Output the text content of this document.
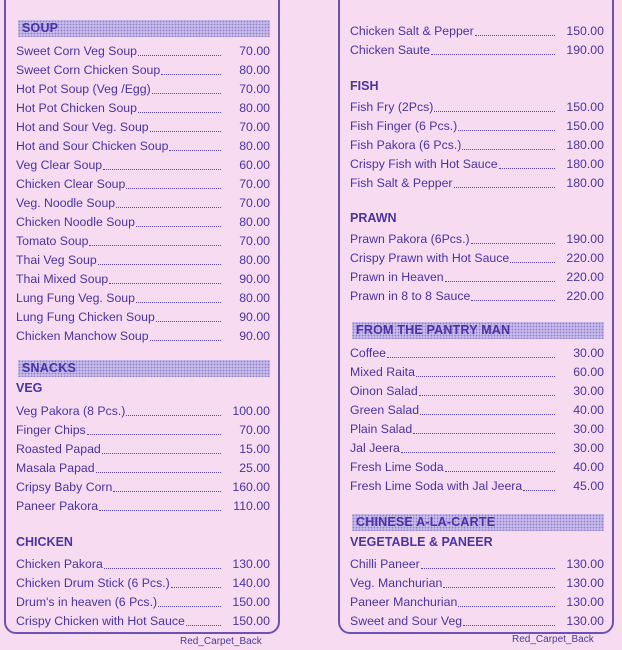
SOUP
Sweet Corn Veg Soup	70.00
Sweet Corn Chicken Soup	80.00
Hot Pot Soup (Veg /Egg)	70.00
Hot Pot Chicken Soup	80.00
Hot and Sour Veg. Soup	70.00
Hot and Sour Chicken Soup	80.00
Veg Clear Soup	60.00
Chicken Clear Soup	70.00
Veg. Noodle Soup	70.00
Chicken Noodle Soup	80.00
Tomato Soup	70.00
Thai Veg Soup	80.00
Thai Mixed Soup	90.00
Lung Fung Veg. Soup	80.00
Lung Fung Chicken Soup	90.00
Chicken Manchow Soup	90.00
SNACKS
VEG
Veg Pakora (8 Pcs.)	100.00
Finger Chips	70.00
Roasted Papad	15.00
Masala Papad	25.00
Cripsy Baby Corn	160.00
Paneer Pakora	110.00
CHICKEN
Chicken Pakora	130.00
Chicken Drum Stick (6 Pcs.)	140.00
Drum's in heaven (6 Pcs.)	150.00
Crispy Chicken with Hot Sauce	150.00
Chicken Salt & Pepper	150.00
Chicken Saute	190.00
FISH
Fish Fry (2Pcs)	150.00
Fish Finger (6 Pcs.)	150.00
Fish Pakora (6 Pcs.)	180.00
Crispy Fish with Hot Sauce	180.00
Fish Salt & Pepper	180.00
PRAWN
Prawn Pakora (6Pcs.)	190.00
Crispy Prawn with Hot Sauce	220.00
Prawn in Heaven	220.00
Prawn in 8 to 8 Sauce	220.00
FROM THE PANTRY MAN
Coffee	30.00
Mixed Raita	60.00
Oinon Salad	30.00
Green Salad	40.00
Plain Salad	30.00
Jal Jeera	30.00
Fresh Lime Soda	40.00
Fresh Lime Soda with Jal Jeera	45.00
CHINESE A-LA-CARTE
VEGETABLE & PANEER
Chilli Paneer	130.00
Veg. Manchurian	130.00
Paneer Manchurian	130.00
Sweet and Sour Veg	130.00
Red_Carpet_Back	Red_Carpet_Back
